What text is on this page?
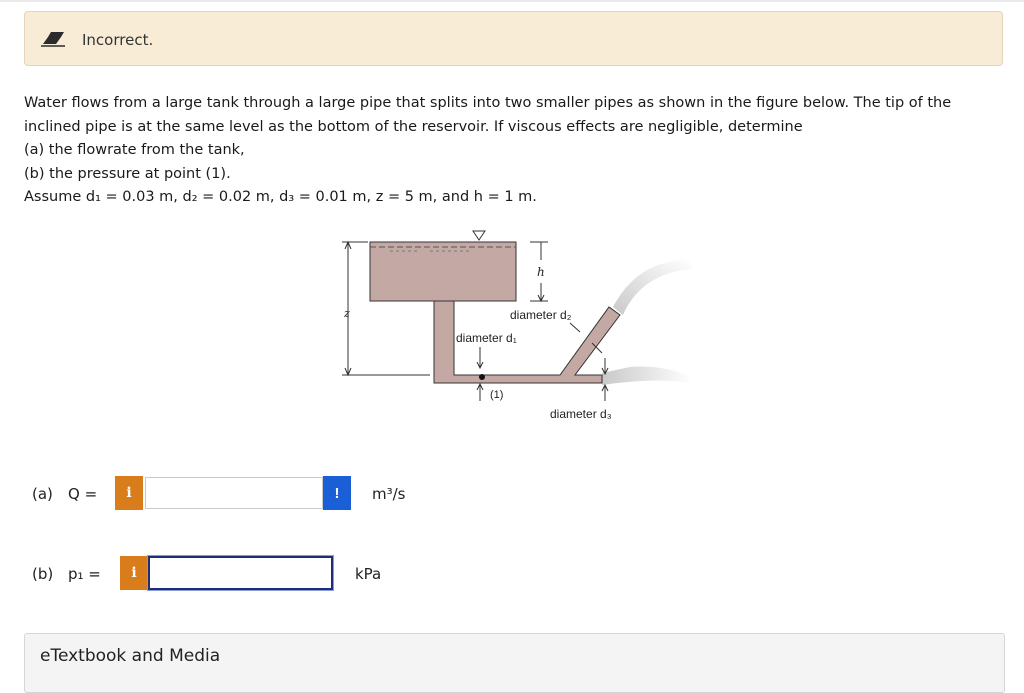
Incorrect.

Water flows from a large tank through a large pipe that splits into two smaller pipes as shown in the figure below. The tip of the

inclined pipe is at the same level as the bottom of the reservoir. If viscous effects are negligible, determine

(a) the flowrate from the tank,

(b) the pressure at point (1).

Assume d₁ = 0.03 m, d₂ = 0.02 m, d₃ = 0.01 m, z = 5 m, and h = 1 m.

z
h
diameter d₂
diameter d₁
(1)
diameter d₃
(a) Q =	i	!	m³/s
(b) p₁ =	i	kPa
eTextbook and Media
